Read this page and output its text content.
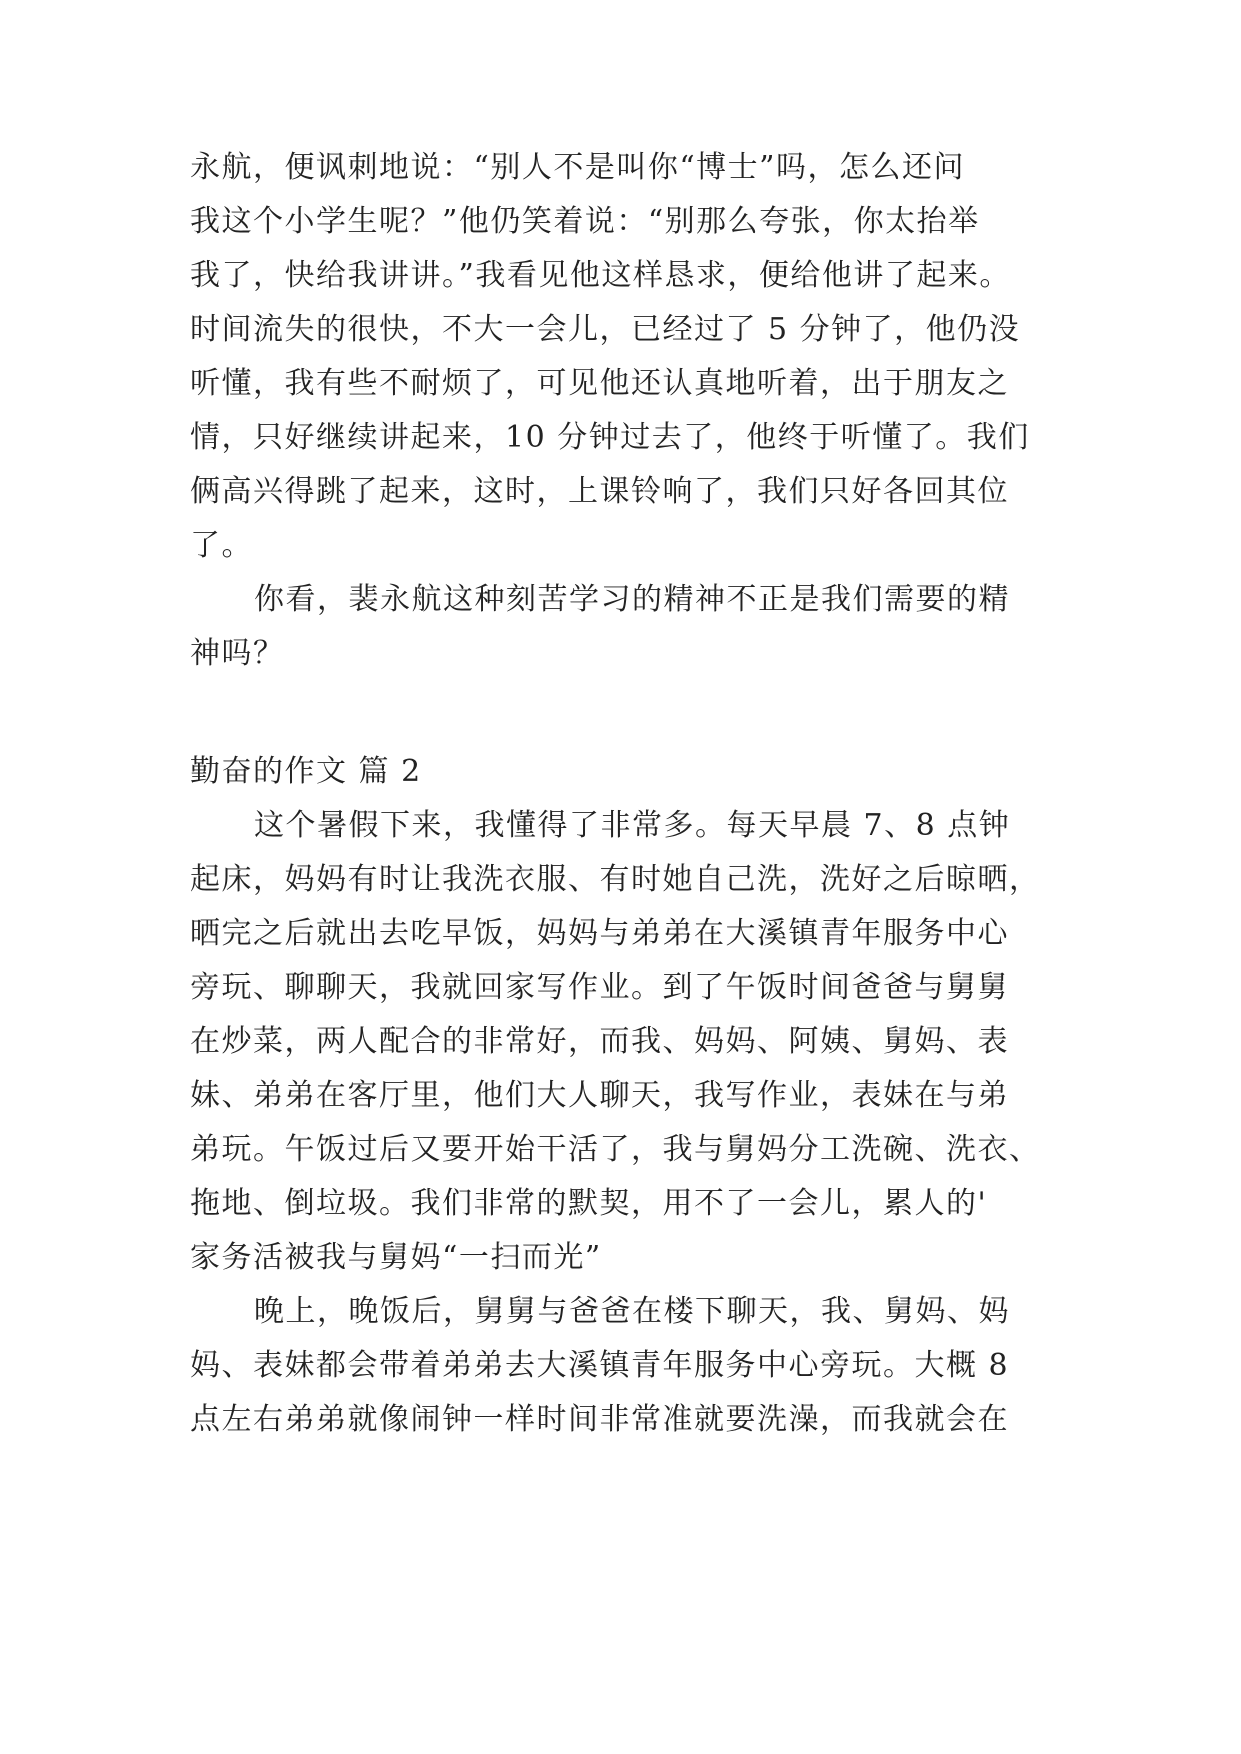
永航，便讽刺地说：“别人不是叫你“博士”吗，怎么还问
我这个小学生呢？”他仍笑着说：“别那么夸张，你太抬举
我了，快给我讲讲。”我看见他这样恳求，便给他讲了起来。
时间流失的很快，不大一会儿，已经过了 5 分钟了，他仍没
听懂，我有些不耐烦了，可见他还认真地听着，出于朋友之
情，只好继续讲起来，10 分钟过去了，他终于听懂了。我们
俩高兴得跳了起来，这时，上课铃响了，我们只好各回其位
了。
你看，裴永航这种刻苦学习的精神不正是我们需要的精
神吗？
勤奋的作文 篇 2
这个暑假下来，我懂得了非常多。每天早晨 7、8 点钟
起床，妈妈有时让我洗衣服、有时她自己洗，洗好之后晾晒，
晒完之后就出去吃早饭，妈妈与弟弟在大溪镇青年服务中心
旁玩、聊聊天，我就回家写作业。到了午饭时间爸爸与舅舅
在炒菜，两人配合的非常好，而我、妈妈、阿姨、舅妈、表
妹、弟弟在客厅里，他们大人聊天，我写作业，表妹在与弟
弟玩。午饭过后又要开始干活了，我与舅妈分工洗碗、洗衣、
拖地、倒垃圾。我们非常的默契，用不了一会儿，累人的'
家务活被我与舅妈“一扫而光”
晚上，晚饭后，舅舅与爸爸在楼下聊天，我、舅妈、妈
妈、表妹都会带着弟弟去大溪镇青年服务中心旁玩。大概 8
点左右弟弟就像闹钟一样时间非常准就要洗澡，而我就会在
